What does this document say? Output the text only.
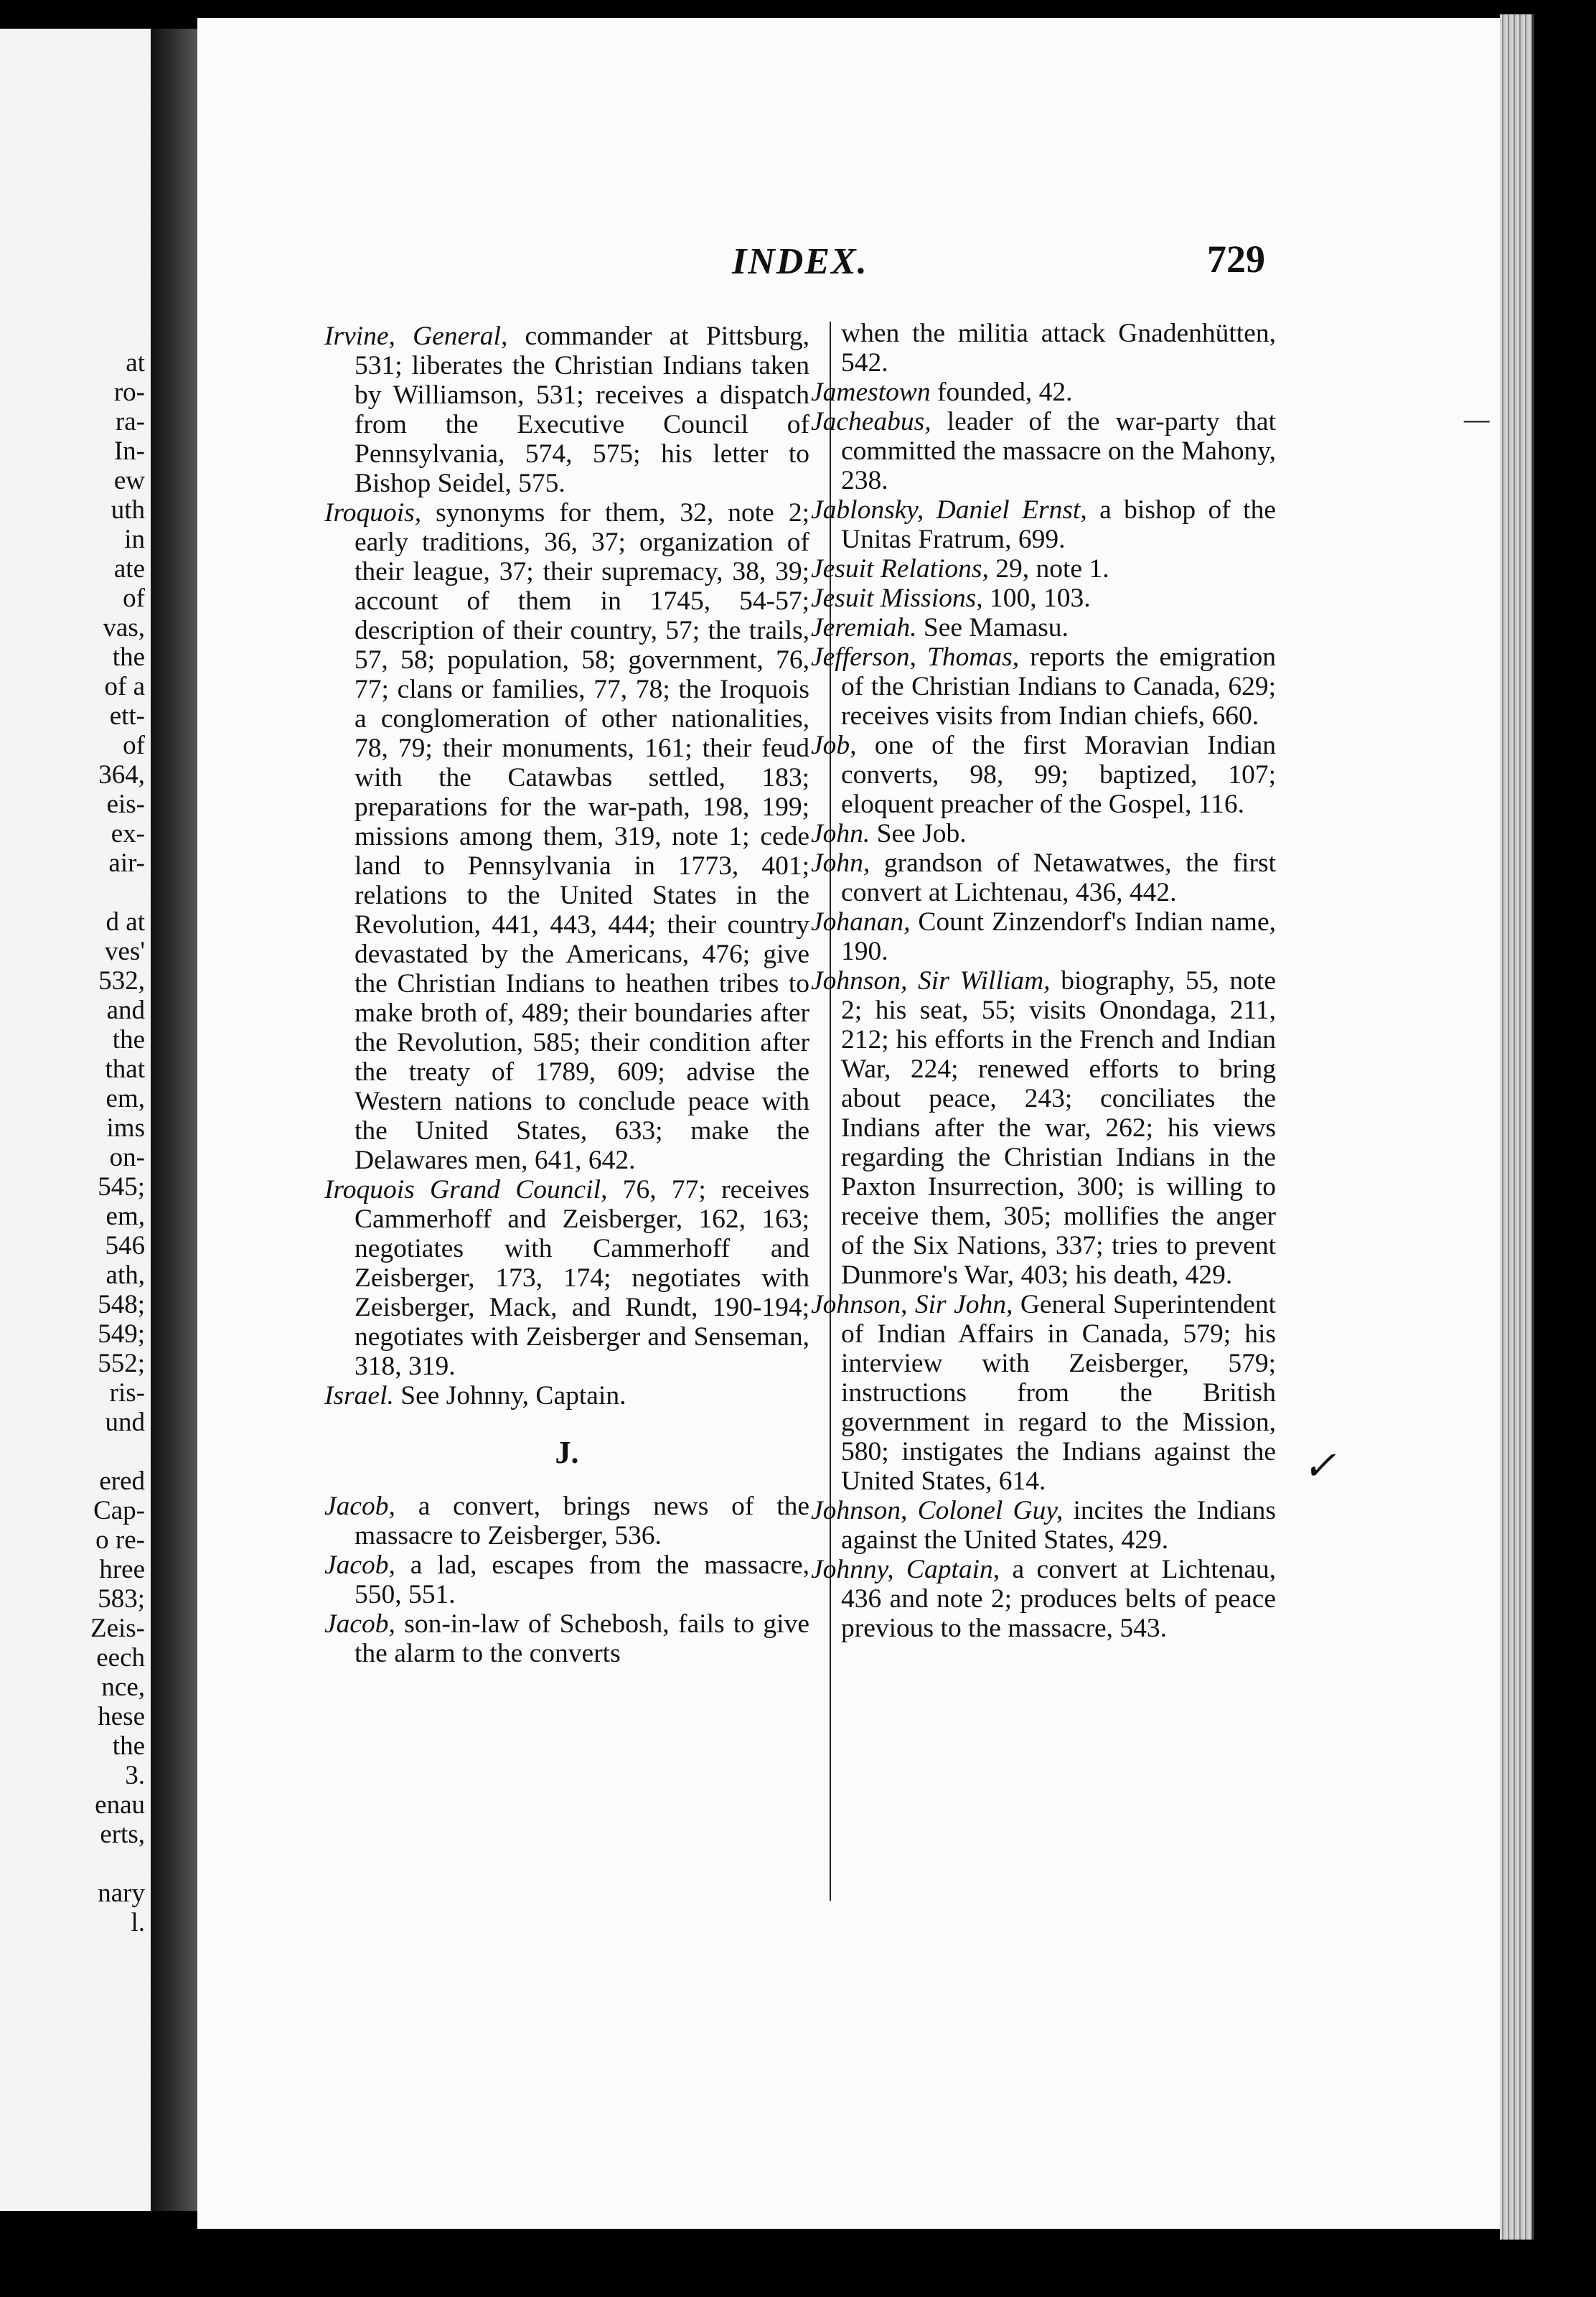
at
ro-
ra-
In-
ew
uth
in
ate
of
vas,
the
of a
ett-
of
364,
eis-
ex-
air-
d at
ves'
532,
and
the
that
em,
ims
on-
545;
em,
546
ath,
548;
549;
552;
ris-
und
ered
Cap-
o re-
hree
583;
Zeis-
eech
nce,
hese
the
3.
enau
erts,
nary
l.
INDEX.	729
Irvine, General, commander at Pittsburg, 531; liberates the Christian Indians taken by Williamson, 531; receives a dispatch from the Executive Council of Pennsylvania, 574, 575; his letter to Bishop Seidel, 575.
Iroquois, synonyms for them, 32, note 2; early traditions, 36, 37; organization of their league, 37; their supremacy, 38, 39; account of them in 1745, 54-57; description of their country, 57; the trails, 57, 58; population, 58; government, 76, 77; clans or families, 77, 78; the Iroquois a conglomeration of other nationalities, 78, 79; their monuments, 161; their feud with the Catawbas settled, 183; preparations for the war-path, 198, 199; missions among them, 319, note 1; cede land to Pennsylvania in 1773, 401; relations to the United States in the Revolution, 441, 443, 444; their country devastated by the Americans, 476; give the Christian Indians to heathen tribes to make broth of, 489; their boundaries after the Revolution, 585; their condition after the treaty of 1789, 609; advise the Western nations to conclude peace with the United States, 633; make the Delawares men, 641, 642.
Iroquois Grand Council, 76, 77; receives Cammerhoff and Zeisberger, 162, 163; negotiates with Cammerhoff and Zeisberger, 173, 174; negotiates with Zeisberger, Mack, and Rundt, 190-194; negotiates with Zeisberger and Senseman, 318, 319.
Israel. See Johnny, Captain.
J.
Jacob, a convert, brings news of the massacre to Zeisberger, 536.
Jacob, a lad, escapes from the massacre, 550, 551.
Jacob, son-in-law of Schebosh, fails to give the alarm to the converts
when the militia attack Gnadenhütten, 542.
Jamestown founded, 42.
Jacheabus, leader of the war-party that committed the massacre on the Mahony, 238.
Jablonsky, Daniel Ernst, a bishop of the Unitas Fratrum, 699.
Jesuit Relations, 29, note 1.
Jesuit Missions, 100, 103.
Jeremiah. See Mamasu.
Jefferson, Thomas, reports the emigration of the Christian Indians to Canada, 629; receives visits from Indian chiefs, 660.
Job, one of the first Moravian Indian converts, 98, 99; baptized, 107; eloquent preacher of the Gospel, 116.
John. See Job.
John, grandson of Netawatwes, the first convert at Lichtenau, 436, 442.
Johanan, Count Zinzendorf's Indian name, 190.
Johnson, Sir William, biography, 55, note 2; his seat, 55; visits Onondaga, 211, 212; his efforts in the French and Indian War, 224; renewed efforts to bring about peace, 243; conciliates the Indians after the war, 262; his views regarding the Christian Indians in the Paxton Insurrection, 300; is willing to receive them, 305; mollifies the anger of the Six Nations, 337; tries to prevent Dunmore's War, 403; his death, 429.
Johnson, Sir John, General Superintendent of Indian Affairs in Canada, 579; his interview with Zeisberger, 579; instructions from the British government in regard to the Mission, 580; instigates the Indians against the United States, 614.
Johnson, Colonel Guy, incites the Indians against the United States, 429.
Johnny, Captain, a convert at Lichtenau, 436 and note 2; produces belts of peace previous to the massacre, 543.
✓
—
